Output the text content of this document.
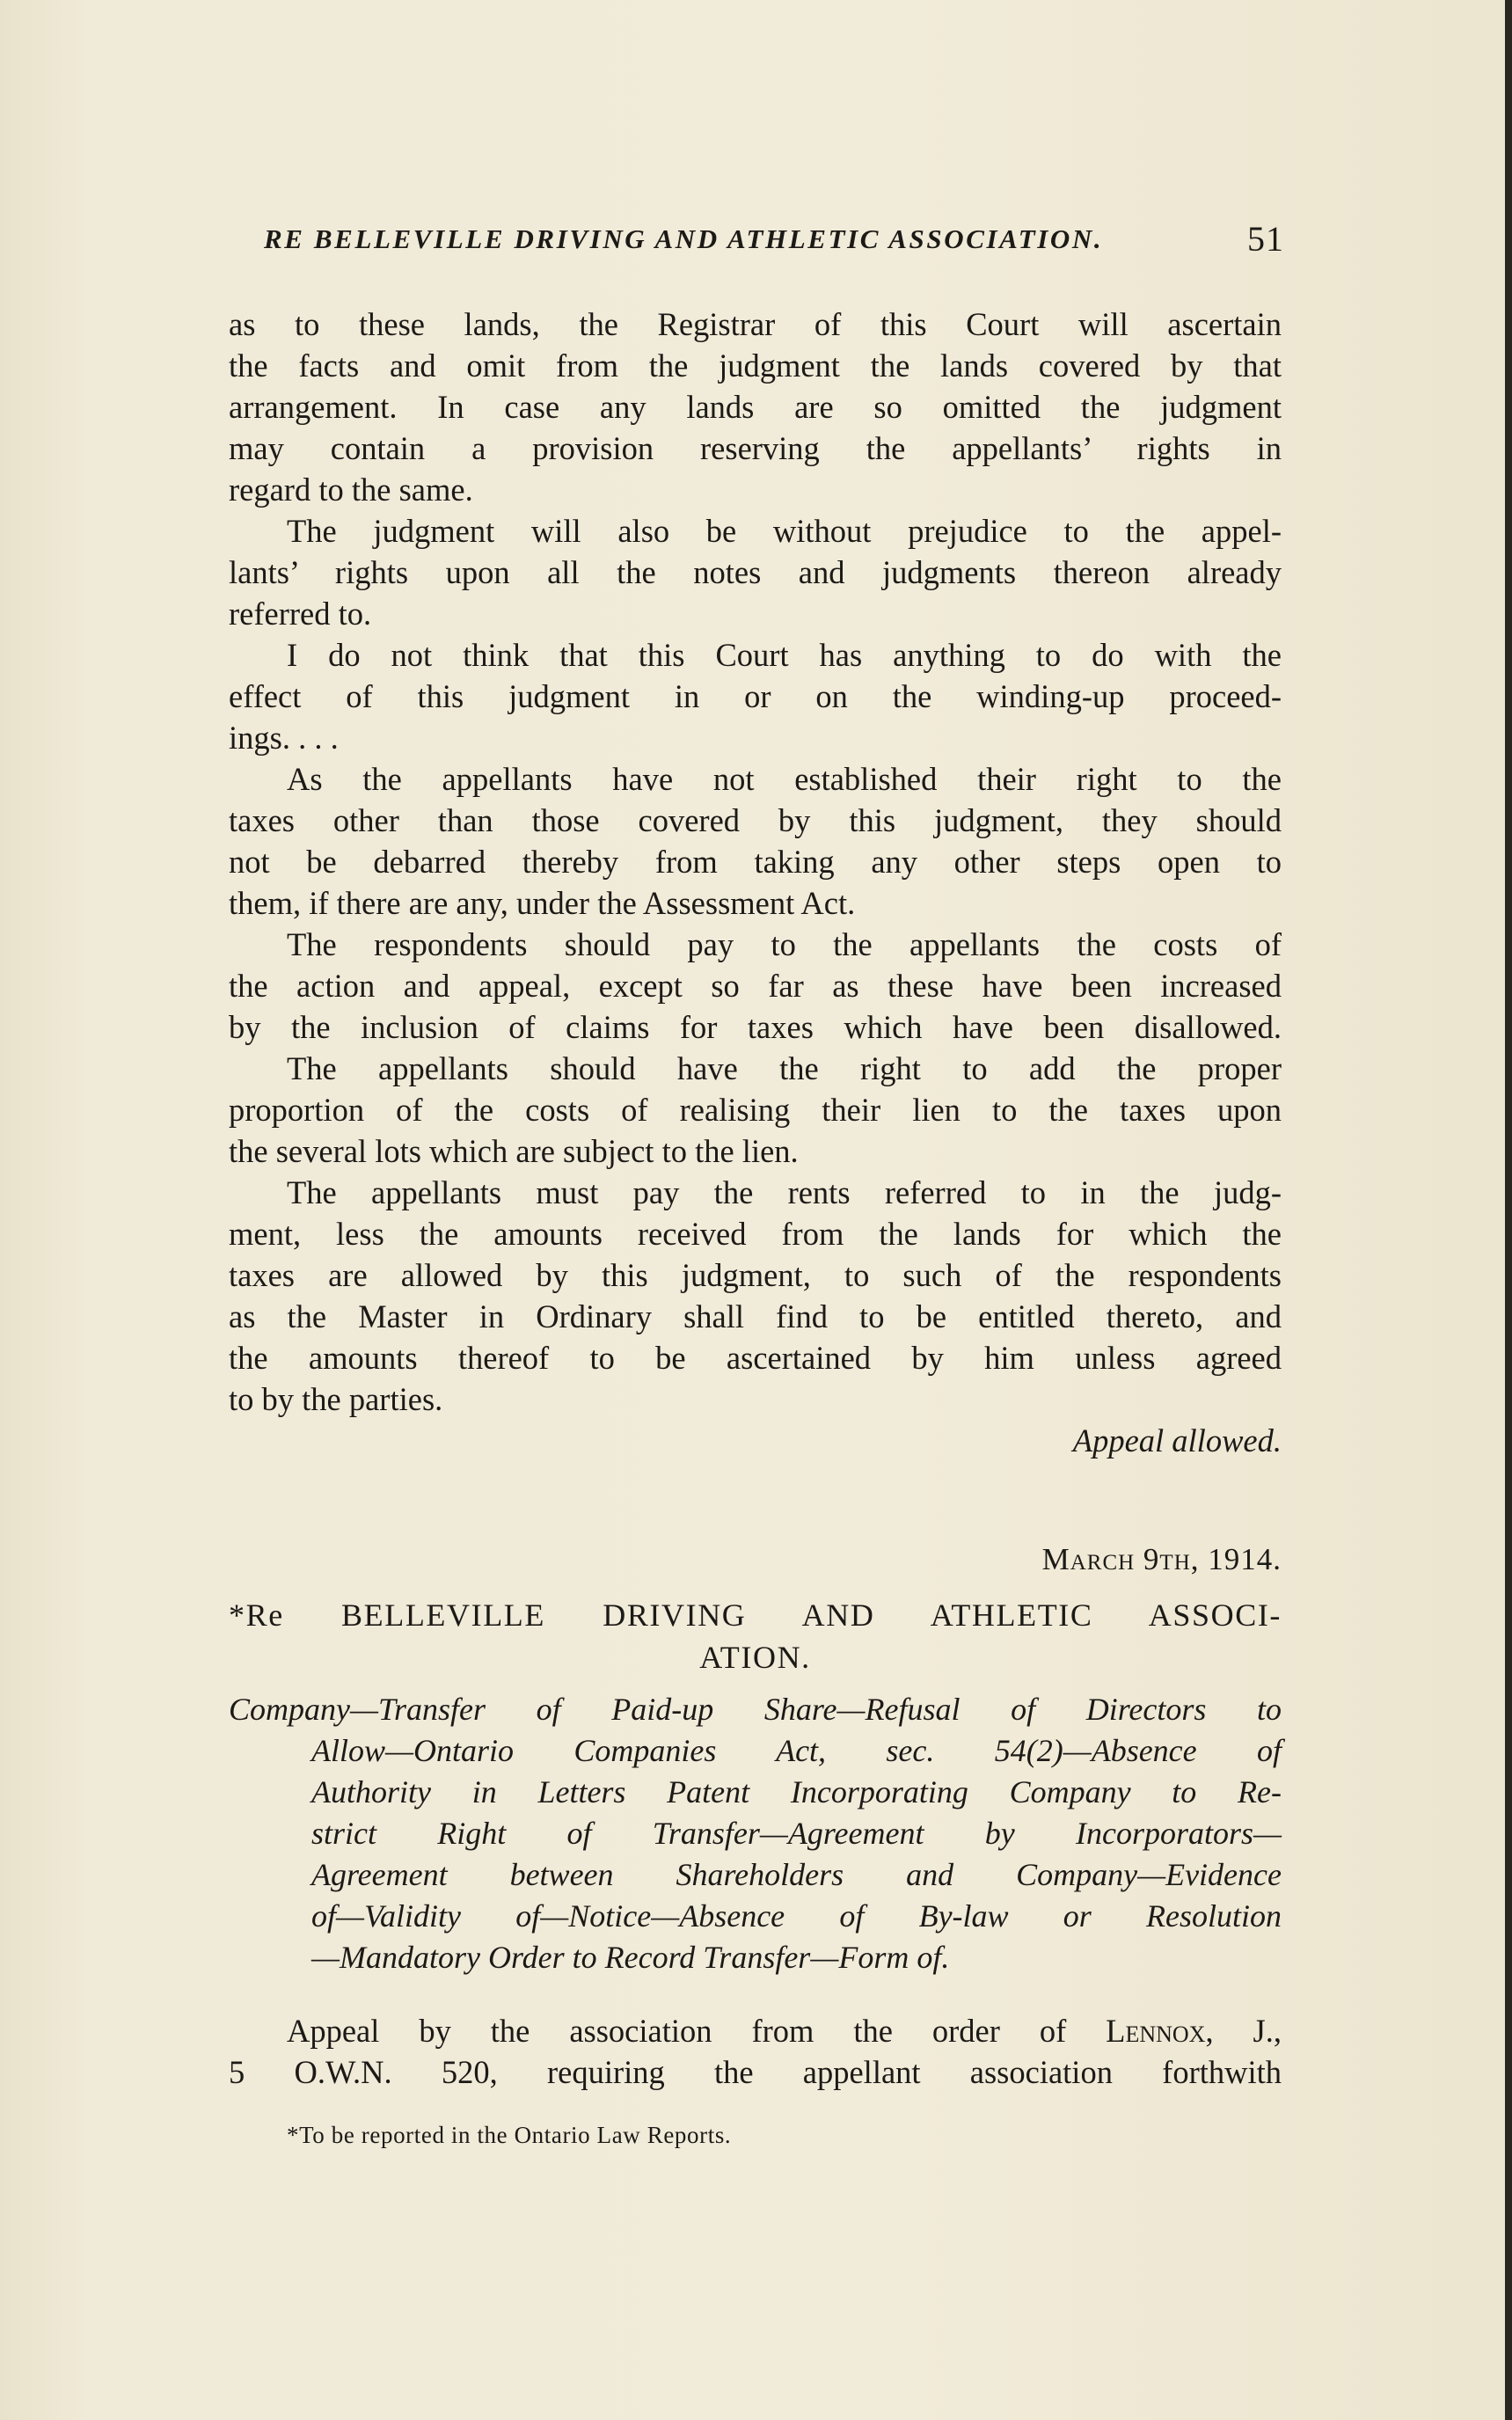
RE BELLEVILLE DRIVING AND ATHLETIC ASSOCIATION.	51
as to these lands, the Registrar of this Court will ascertain
the facts and omit from the judgment the lands covered by that
arrangement. In case any lands are so omitted the judgment
may contain a provision reserving the appellants’ rights in
regard to the same.
The judgment will also be without prejudice to the appel-
lants’ rights upon all the notes and judgments thereon already
referred to.
I do not think that this Court has anything to do with the
effect of this judgment in or on the winding-up proceed-
ings. . . .
As the appellants have not established their right to the
taxes other than those covered by this judgment, they should
not be debarred thereby from taking any other steps open to
them, if there are any, under the Assessment Act.
The respondents should pay to the appellants the costs of
the action and appeal, except so far as these have been increased
by the inclusion of claims for taxes which have been disallowed.
The appellants should have the right to add the proper
proportion of the costs of realising their lien to the taxes upon
the several lots which are subject to the lien.
The appellants must pay the rents referred to in the judg-
ment, less the amounts received from the lands for which the
taxes are allowed by this judgment, to such of the respondents
as the Master in Ordinary shall find to be entitled thereto, and
the amounts thereof to be ascertained by him unless agreed
to by the parties.
Appeal allowed.
March 9th, 1914.
*Re BELLEVILLE DRIVING AND ATHLETIC ASSOCI-
ATION.
Company—Transfer of Paid-up Share—Refusal of Directors to
Allow—Ontario Companies Act, sec. 54(2)—Absence of
Authority in Letters Patent Incorporating Company to Re-
strict Right of Transfer—Agreement by Incorporators—
Agreement between Shareholders and Company—Evidence
of—Validity of—Notice—Absence of By-law or Resolution
—Mandatory Order to Record Transfer—Form of.
Appeal by the association from the order of Lennox, J.,
5 O.W.N. 520, requiring the appellant association forthwith
*To be reported in the Ontario Law Reports.
